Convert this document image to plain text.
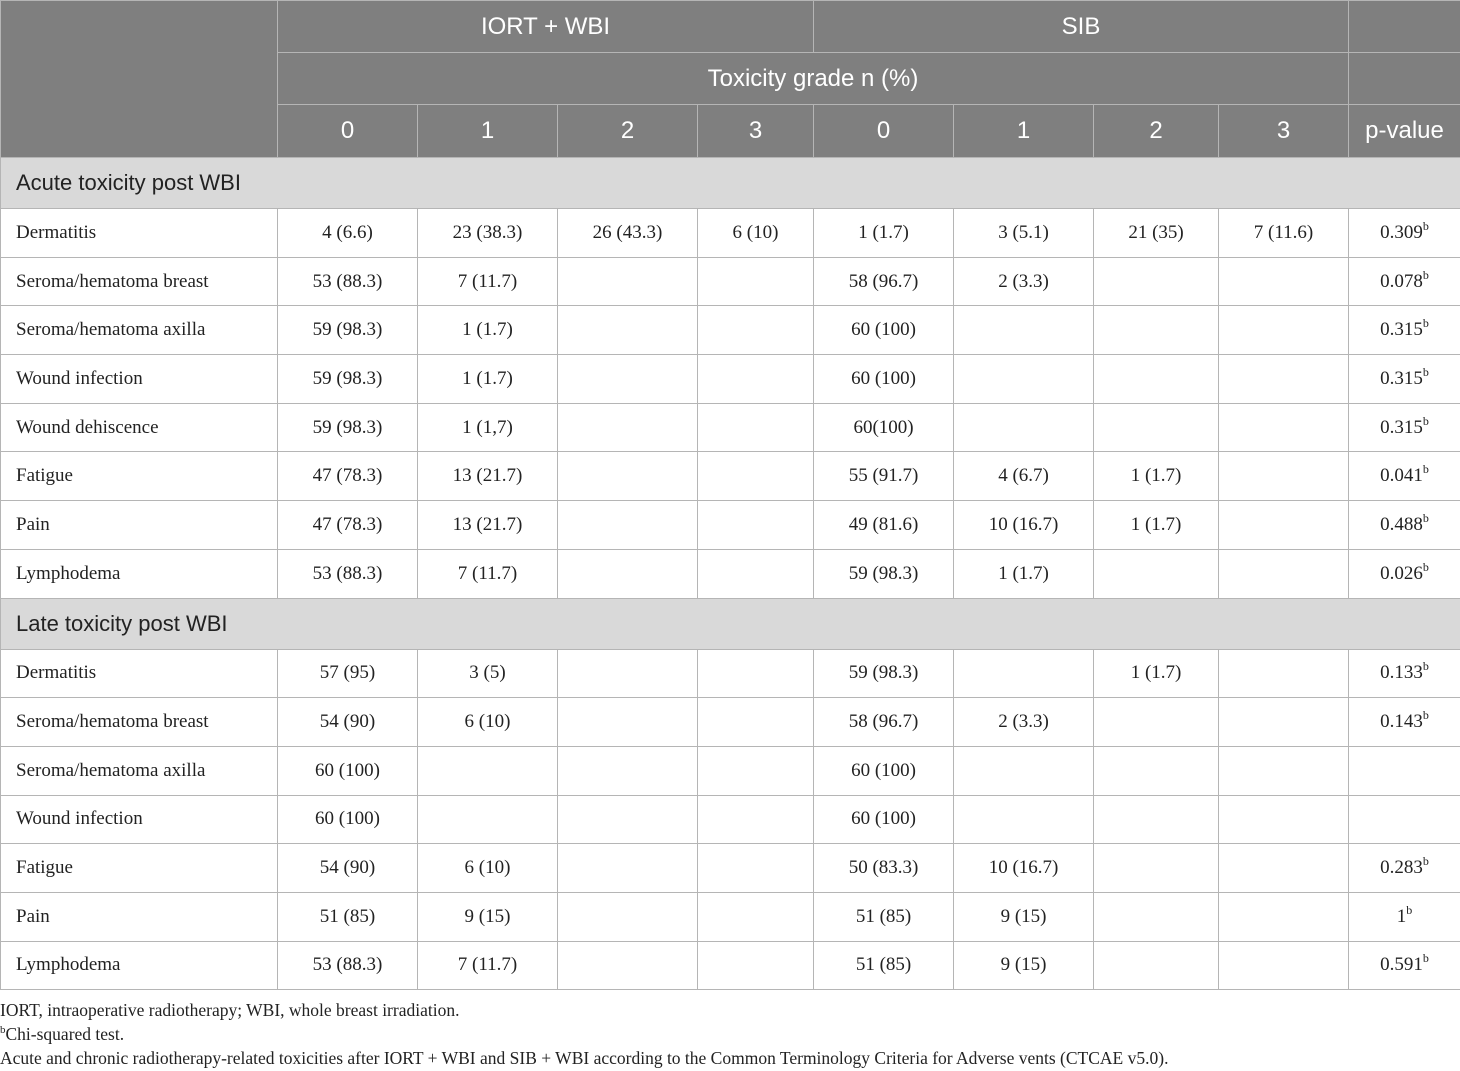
	IORT + WBI				SIB				
	Toxicity grade n (%)								
	0	1	2	3	0	1	2	3	p-value
Acute toxicity post WBI									
Dermatitis	4 (6.6)	23 (38.3)	26 (43.3)	6 (10)	1 (1.7)	3 (5.1)	21 (35)	7 (11.6)	0.309$^b$
Seroma/hematoma breast	53 (88.3)	7 (11.7)			58 (96.7)	2 (3.3)			0.078$^b$
Seroma/hematoma axilla	59 (98.3)	1 (1.7)			60 (100)				0.315$^b$
Wound infection	59 (98.3)	1 (1.7)			60 (100)				0.315$^b$
Wound dehiscence	59 (98.3)	1 (1,7)			60(100)				0.315$^b$
Fatigue	47 (78.3)	13 (21.7)			55 (91.7)	4 (6.7)	1 (1.7)		0.041$^b$
Pain	47 (78.3)	13 (21.7)			49 (81.6)	10 (16.7)	1 (1.7)		0.488$^b$
Lymphodema	53 (88.3)	7 (11.7)			59 (98.3)	1 (1.7)			0.026$^b$
Late toxicity post WBI									
Dermatitis	57 (95)	3 (5)			59 (98.3)		1 (1.7)		0.133$^b$
Seroma/hematoma breast	54 (90)	6 (10)			58 (96.7)	2 (3.3)			0.143$^b$
Seroma/hematoma axilla	60 (100)				60 (100)				
Wound infection	60 (100)				60 (100)				
Fatigue	54 (90)	6 (10)			50 (83.3)	10 (16.7)			0.283$^b$
Pain	51 (85)	9 (15)			51 (85)	9 (15)			1$^b$
Lymphodema	53 (88.3)	7 (11.7)			51 (85)	9 (15)			0.591$^b$

IORT, intraoperative radiotherapy; WBI, whole breast irradiation.

$^b$Chi-squared test.

Acute and chronic radiotherapy-related toxicities after IORT + WBI and SIB + WBI according to the Common Terminology Criteria for Adverse vents (CTCAE v5.0).
